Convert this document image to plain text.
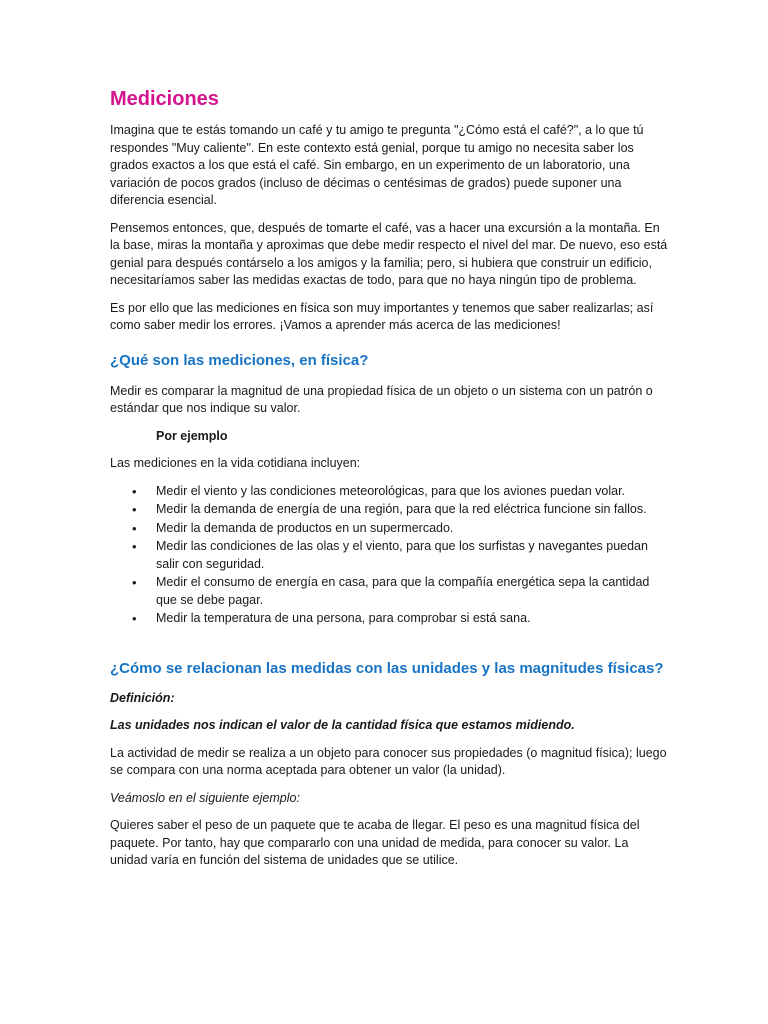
Mediciones

Imagina que te estás tomando un café y tu amigo te pregunta "¿Cómo está el café?", a lo que tú respondes "Muy caliente". En este contexto está genial, porque tu amigo no necesita saber los grados exactos a los que está el café. Sin embargo, en un experimento de un laboratorio, una variación de pocos grados (incluso de décimas o centésimas de grados) puede suponer una diferencia esencial.

Pensemos entonces, que, después de tomarte el café, vas a hacer una excursión a la montaña. En la base, miras la montaña y aproximas que debe medir respecto el nivel del mar. De nuevo, eso está genial para después contárselo a los amigos y la familia; pero, si hubiera que construir un edificio, necesitaríamos saber las medidas exactas de todo, para que no haya ningún tipo de problema.

Es por ello que las mediciones en física son muy importantes y tenemos que saber realizarlas; así como saber medir los errores. ¡Vamos a aprender más acerca de las mediciones!

¿Qué son las mediciones, en física?

Medir es comparar la magnitud de una propiedad física de un objeto o un sistema con un patrón o estándar que nos indique su valor.

Por ejemplo

Las mediciones en la vida cotidiana incluyen:

• Medir el viento y las condiciones meteorológicas, para que los aviones puedan volar.
• Medir la demanda de energía de una región, para que la red eléctrica funcione sin fallos.
• Medir la demanda de productos en un supermercado.
• Medir las condiciones de las olas y el viento, para que los surfistas y navegantes puedan salir con seguridad.
• Medir el consumo de energía en casa, para que la compañía energética sepa la cantidad que se debe pagar.
• Medir la temperatura de una persona, para comprobar si está sana.
¿Cómo se relacionan las medidas con las unidades y las magnitudes físicas?

Definición:

Las unidades nos indican el valor de la cantidad física que estamos midiendo.

La actividad de medir se realiza a un objeto para conocer sus propiedades (o magnitud física); luego se compara con una norma aceptada para obtener un valor (la unidad).

Veámoslo en el siguiente ejemplo:

Quieres saber el peso de un paquete que te acaba de llegar. El peso es una magnitud física del paquete. Por tanto, hay que compararlo con una unidad de medida, para conocer su valor. La unidad varía en función del sistema de unidades que se utilice.
